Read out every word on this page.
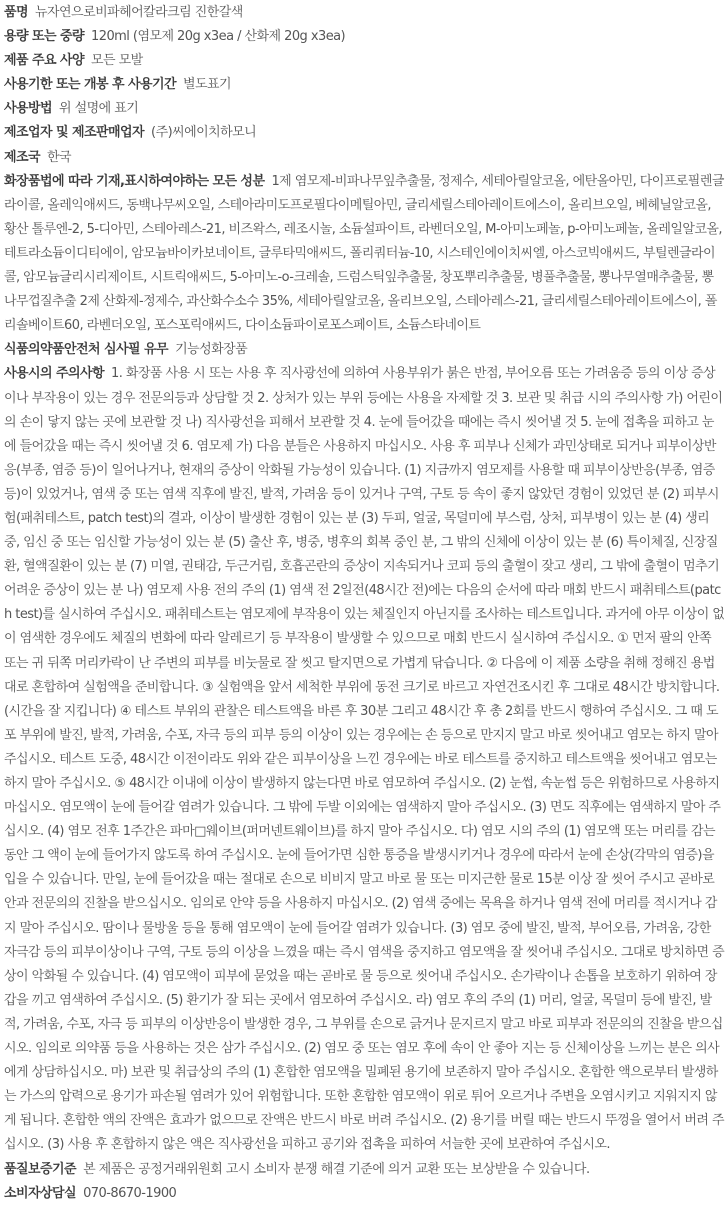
품명 뉴자연으로비파헤어칼라크림 진한갈색

용량 또는 중량 120ml (염모제 20g x3ea / 산화제 20g x3ea)

제품 주요 사양 모든 모발

사용기한 또는 개봉 후 사용기간 별도표기

사용방법 위 설명에 표기

제조업자 및 제조판매업자 (주)씨에이치하모니

제조국 한국

화장품법에 따라 기재,표시하여야하는 모든 성분 1제 염모제-비파나무잎추출물, 정제수, 세테아릴알코올, 에탄올아민, 다이프로필렌글라이콜, 올레익애씨드, 동백나무씨오일, 스테아라미도프로필다이메틸아민, 글리세릴스테아레이트에스이, 올리브오일, 베헤닐알코올, 황산 톨루엔-2, 5-디아민, 스테아레스-21, 비즈왁스, 레조시놀, 소듐설파이트, 라벤더오일, M-아미노페놀, p-아미노페놀, 올레일알코올, 테트라소듐이디티에이, 암모늄바이카보네이트, 글루타믹애씨드, 폴리쿼터늄-10, 시스테인에이치씨엘, 아스코빅애씨드, 부틸렌글라이콜, 암모늄글리시리제이트, 시트릭애씨드, 5-아미노-o-크레솔, 드럼스틱잎추출물, 창포뿌리추출물, 병풀추출물, 뽕나무열매추출물, 뽕나무껍질추출 2제 산화제-정제수, 과산화수소수 35%, 세테아릴알코올, 올리브오일, 스테아레스-21, 글리세릴스테아레이트에스이, 폴리솔베이트60, 라벤더오일, 포스포릭애씨드, 다이소듐파이로포스페이트, 소듐스타네이트

식품의약품안전처 심사필 유무 기능성화장품

사용시의 주의사항 1. 화장품 사용 시 또는 사용 후 직사광선에 의하여 사용부위가 붉은 반점, 부어오름 또는 가려움증 등의 이상 증상이나 부작용이 있는 경우 전문의등과 상담할 것 2. 상처가 있는 부위 등에는 사용을 자제할 것 3. 보관 및 취급 시의 주의사항 가) 어린이의 손이 닿지 않는 곳에 보관할 것 나) 직사광선을 피해서 보관할 것 4. 눈에 들어갔을 때에는 즉시 씻어낼 것 5. 눈에 접촉을 피하고 눈에 들어갔을 때는 즉시 씻어낼 것 6. 염모제 가) 다음 분들은 사용하지 마십시오. 사용 후 피부나 신체가 과민상태로 되거나 피부이상반응(부종, 염증 등)이 일어나거나, 현재의 증상이 악화될 가능성이 있습니다. (1) 지금까지 염모제를 사용할 때 피부이상반응(부종, 염증 등)이 있었거나, 염색 중 또는 염색 직후에 발진, 발적, 가려움 등이 있거나 구역, 구토 등 속이 좋지 않았던 경험이 있었던 분 (2) 피부시험(패취테스트, patch test)의 결과, 이상이 발생한 경험이 있는 분 (3) 두피, 얼굴, 목덜미에 부스럼, 상처, 피부병이 있는 분 (4) 생리 중, 임신 중 또는 임신할 가능성이 있는 분 (5) 출산 후, 병중, 병후의 회복 중인 분, 그 밖의 신체에 이상이 있는 분 (6) 특이체질, 신장질환, 혈액질환이 있는 분 (7) 미열, 권태감, 두근거림, 호흡곤란의 증상이 지속되거나 코피 등의 출혈이 잦고 생리, 그 밖에 출혈이 멈추기 어려운 증상이 있는 분 나) 염모제 사용 전의 주의 (1) 염색 전 2일전(48시간 전)에는 다음의 순서에 따라 매회 반드시 패취테스트(patch test)를 실시하여 주십시오. 패취테스트는 염모제에 부작용이 있는 체질인지 아닌지를 조사하는 테스트입니다. 과거에 아무 이상이 없이 염색한 경우에도 체질의 변화에 따라 알레르기 등 부작용이 발생할 수 있으므로 매회 반드시 실시하여 주십시오. ① 먼저 팔의 안쪽 또는 귀 뒤쪽 머리카락이 난 주변의 피부를 비눗물로 잘 씻고 탈지면으로 가볍게 닦습니다. ② 다음에 이 제품 소량을 취해 정해진 용법대로 혼합하여 실험액을 준비합니다. ③ 실험액을 앞서 세척한 부위에 동전 크기로 바르고 자연건조시킨 후 그대로 48시간 방치합니다.(시간을 잘 지킵니다) ④ 테스트 부위의 관찰은 테스트액을 바른 후 30분 그리고 48시간 후 총 2회를 반드시 행하여 주십시오. 그 때 도포 부위에 발진, 발적, 가려움, 수포, 자극 등의 피부 등의 이상이 있는 경우에는 손 등으로 만지지 말고 바로 씻어내고 염모는 하지 말아 주십시오. 테스트 도중, 48시간 이전이라도 위와 같은 피부이상을 느낀 경우에는 바로 테스트를 중지하고 테스트액을 씻어내고 염모는 하지 말아 주십시오. ⑤ 48시간 이내에 이상이 발생하지 않는다면 바로 염모하여 주십시오. (2) 눈썹, 속눈썹 등은 위험하므로 사용하지 마십시오. 염모액이 눈에 들어갈 염려가 있습니다. 그 밖에 두발 이외에는 염색하지 말아 주십시오. (3) 면도 직후에는 염색하지 말아 주십시오. (4) 염모 전후 1주간은 파마□웨이브(퍼머넨트웨이브)를 하지 말아 주십시오. 다) 염모 시의 주의 (1) 염모액 또는 머리를 감는 동안 그 액이 눈에 들어가지 않도록 하여 주십시오. 눈에 들어가면 심한 통증을 발생시키거나 경우에 따라서 눈에 손상(각막의 염증)을 입을 수 있습니다. 만일, 눈에 들어갔을 때는 절대로 손으로 비비지 말고 바로 물 또는 미지근한 물로 15분 이상 잘 씻어 주시고 곧바로 안과 전문의의 진찰을 받으십시오. 임의로 안약 등을 사용하지 마십시오. (2) 염색 중에는 목욕을 하거나 염색 전에 머리를 적시거나 감지 말아 주십시오. 땀이나 물방울 등을 통해 염모액이 눈에 들어갈 염려가 있습니다. (3) 염모 중에 발진, 발적, 부어오름, 가려움, 강한 자극감 등의 피부이상이나 구역, 구토 등의 이상을 느꼈을 때는 즉시 염색을 중지하고 염모액을 잘 씻어내 주십시오. 그대로 방치하면 증상이 악화될 수 있습니다. (4) 염모액이 피부에 묻었을 때는 곧바로 물 등으로 씻어내 주십시오. 손가락이나 손톱을 보호하기 위하여 장갑을 끼고 염색하여 주십시오. (5) 환기가 잘 되는 곳에서 염모하여 주십시오. 라) 염모 후의 주의 (1) 머리, 얼굴, 목덜미 등에 발진, 발적, 가려움, 수포, 자극 등 피부의 이상반응이 발생한 경우, 그 부위를 손으로 긁거나 문지르지 말고 바로 피부과 전문의의 진찰을 받으십시오. 임의로 의약품 등을 사용하는 것은 삼가 주십시오. (2) 염모 중 또는 염모 후에 속이 안 좋아 지는 등 신체이상을 느끼는 분은 의사에게 상담하십시오. 마) 보관 및 취급상의 주의 (1) 혼합한 염모액을 밀폐된 용기에 보존하지 말아 주십시오. 혼합한 액으로부터 발생하는 가스의 압력으로 용기가 파손될 염려가 있어 위험합니다. 또한 혼합한 염모액이 위로 튀어 오르거나 주변을 오염시키고 지워지지 않게 됩니다. 혼합한 액의 잔액은 효과가 없으므로 잔액은 반드시 바로 버려 주십시오. (2) 용기를 버릴 때는 반드시 뚜껑을 열어서 버려 주십시오. (3) 사용 후 혼합하지 않은 액은 직사광선을 피하고 공기와 접촉을 피하여 서늘한 곳에 보관하여 주십시오.

품질보증기준 본 제품은 공정거래위원회 고시 소비자 분쟁 해결 기준에 의거 교환 또는 보상받을 수 있습니다.

소비자상담실 070-8670-1900
